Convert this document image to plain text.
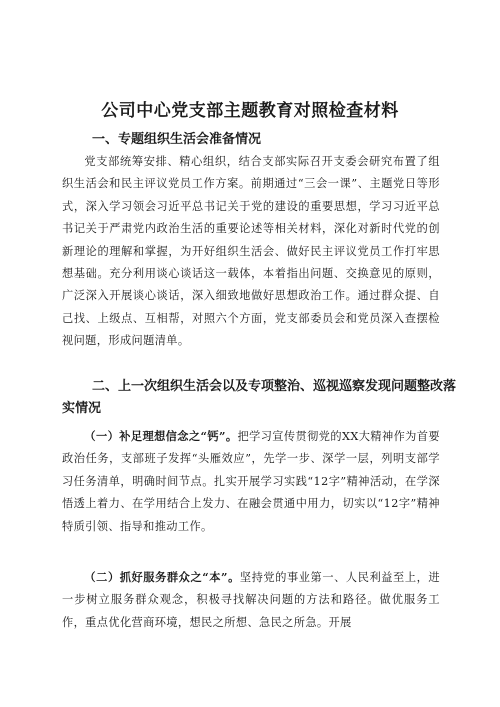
公司中心党支部主题教育对照检查材料
一、专题组织生活会准备情况

党支部统筹安排、精心组织，结合支部实际召开支委会研究布置了组织生活会和民主评议党员工作方案。前期通过“三会一课”、主题党日等形式，深入学习领会习近平总书记关于党的建设的重要思想，学习习近平总书记关于严肃党内政治生活的重要论述等相关材料，深化对新时代党的创新理论的理解和掌握，为开好组织生活会、做好民主评议党员工作打牢思想基础。充分利用谈心谈话这一载体，本着指出问题、交换意见的原则，广泛深入开展谈心谈话，深入细致地做好思想政治工作。通过群众提、自己找、上级点、互相帮，对照六个方面，党支部委员会和党员深入查摆检视问题，形成问题清单。

二、上一次组织生活会以及专项整治、巡视巡察发现问题整改落
实情况

（一）补足理想信念之“钙”。把学习宣传贯彻党的XX大精神作为首要政治任务，支部班子发挥“头雁效应”，先学一步、深学一层，列明支部学习任务清单，明确时间节点。扎实开展学习实践“12字”精神活动，在学深悟透上着力、在学用结合上发力、在融会贯通中用力，切实以“12字”精神特质引领、指导和推动工作。

（二）抓好服务群众之“本”。坚持党的事业第一、人民利益至上，进一步树立服务群众观念，积极寻找解决问题的方法和路径。做优服务工作，重点优化营商环境，想民之所想、急民之所急。开展
